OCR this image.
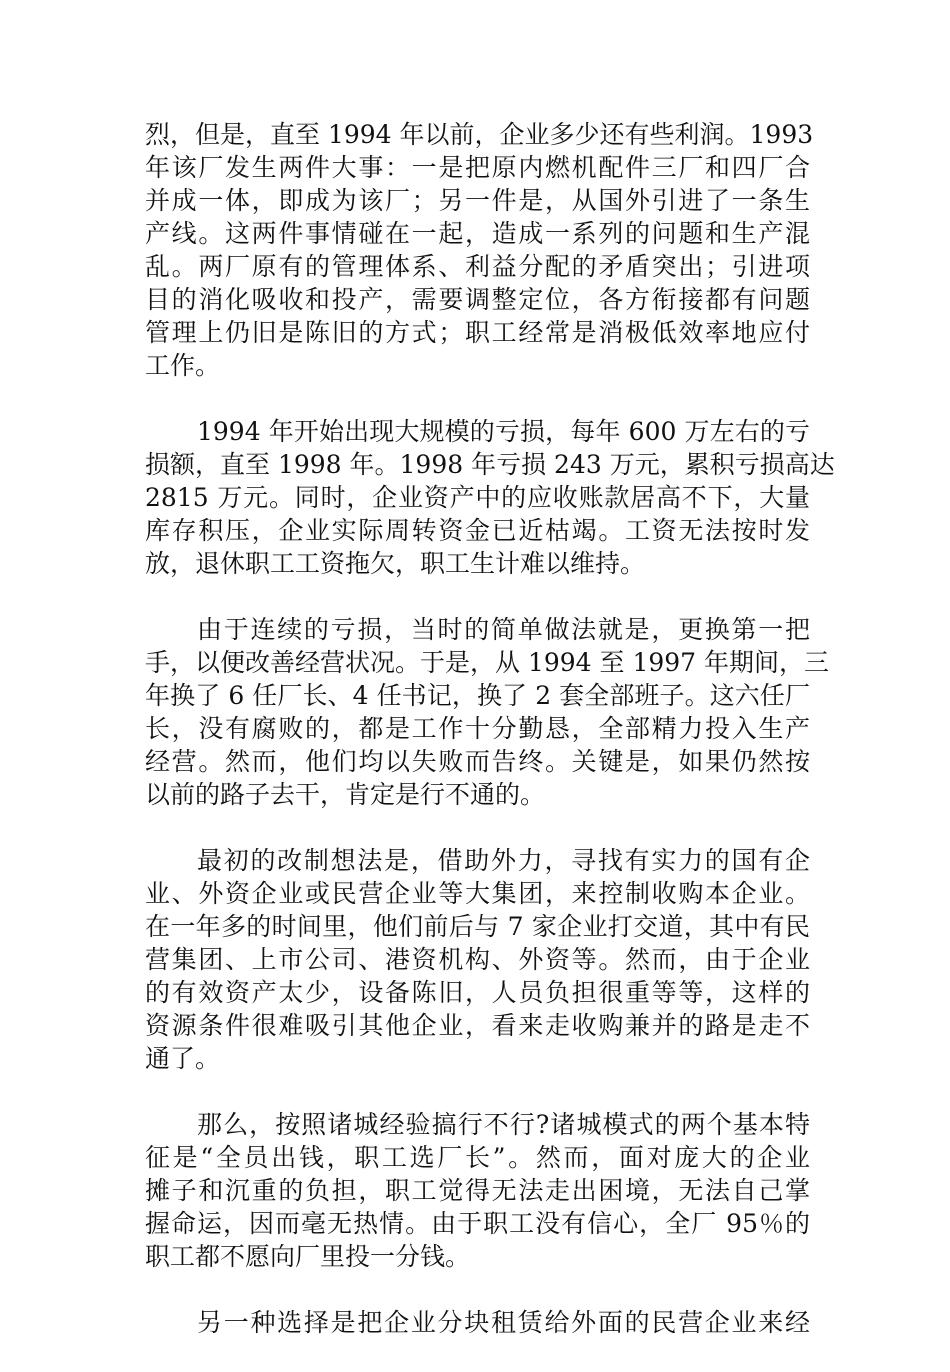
烈，但是，直至 1994 年以前，企业多少还有些利润。1993
年该厂发生两件大事：一是把原内燃机配件三厂和四厂合
并成一体，即成为该厂；另一件是，从国外引进了一条生
产线。这两件事情碰在一起，造成一系列的问题和生产混
乱。两厂原有的管理体系、利益分配的矛盾突出；引进项
目的消化吸收和投产，需要调整定位，各方衔接都有问题
管理上仍旧是陈旧的方式；职工经常是消极低效率地应付
工作。
1994 年开始出现大规模的亏损，每年 600 万左右的亏
损额，直至 1998 年。1998 年亏损 243 万元，累积亏损高达
2815 万元。同时，企业资产中的应收账款居高不下，大量
库存积压，企业实际周转资金已近枯竭。工资无法按时发
放，退休职工工资拖欠，职工生计难以维持。
由于连续的亏损，当时的简单做法就是，更换第一把
手，以便改善经营状况。于是，从 1994 至 1997 年期间，三
年换了 6 任厂长、4 任书记，换了 2 套全部班子。这六任厂
长，没有腐败的，都是工作十分勤恳，全部精力投入生产
经营。然而，他们均以失败而告终。关键是，如果仍然按
以前的路子去干，肯定是行不通的。
最初的改制想法是，借助外力，寻找有实力的国有企
业、外资企业或民营企业等大集团，来控制收购本企业。
在一年多的时间里，他们前后与 7 家企业打交道，其中有民
营集团、上市公司、港资机构、外资等。然而，由于企业
的有效资产太少，设备陈旧，人员负担很重等等，这样的
资源条件很难吸引其他企业，看来走收购兼并的路是走不
通了。
那么，按照诸城经验搞行不行?诸城模式的两个基本特
征是“全员出钱，职工选厂长”。然而，面对庞大的企业
摊子和沉重的负担，职工觉得无法走出困境，无法自己掌
握命运，因而毫无热情。由于职工没有信心，全厂 95％的
职工都不愿向厂里投一分钱。
另一种选择是把企业分块租赁给外面的民营企业来经
